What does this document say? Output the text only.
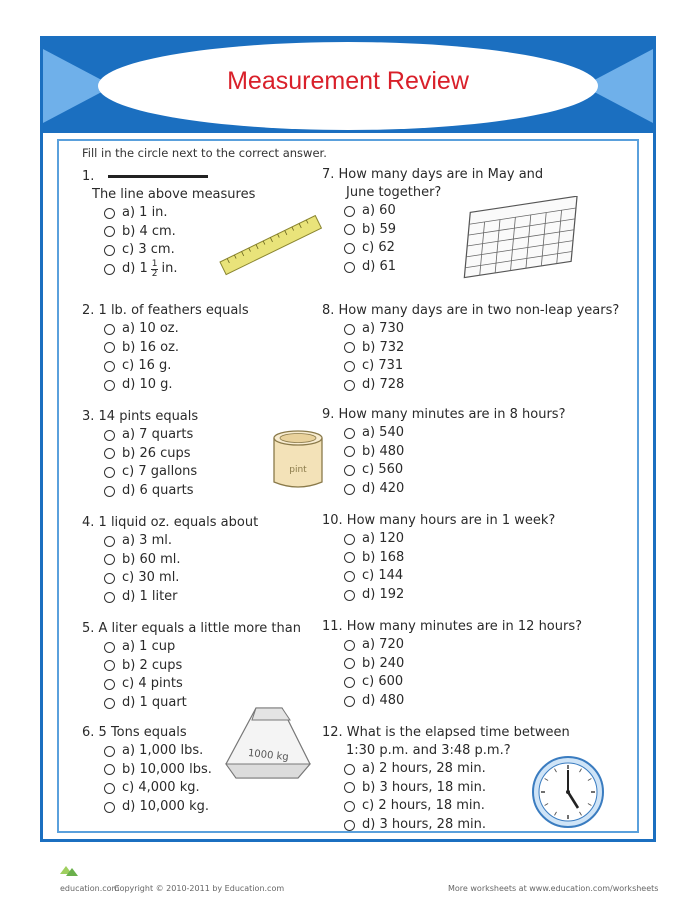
Measurement Review
Fill in the circle next to the correct answer.
1.
The line above measures
a) 1 in.
b) 4 cm.
c) 3 cm.
d) $1 \frac{1}{2}$ in.
2. 1 lb. of feathers equals
a) 10 oz.
b) 16 oz.
c) 16 g.
d) 10 g.
3. 14 pints equals
a) 7 quarts
b) 26 cups
c) 7 gallons
d) 6 quarts
pint
4. 1 liquid oz. equals about
a) 3 ml.
b) 60 ml.
c) 30 ml.
d) 1 liter
5. A liter equals a little more than
a) 1 cup
b) 2 cups
c) 4 pints
d) 1 quart
6. 5 Tons equals
a) 1,000 lbs.
b) 10,000 lbs.
c) 4,000 kg.
d) 10,000 kg.
1000 kg
7. How many days are in May and
June together?
a) 60
b) 59
c) 62
d) 61
8. How many days are in two non-leap years?
a) 730
b) 732
c) 731
d) 728
9. How many minutes are in 8 hours?
a) 540
b) 480
c) 560
d) 420
10. How many hours are in 1 week?
a) 120
b) 168
c) 144
d) 192
11. How many minutes are in 12 hours?
a) 720
b) 240
c) 600
d) 480
12. What is the elapsed time between
1:30 p.m. and 3:48 p.m.?
a) 2 hours, 28 min.
b) 3 hours, 18 min.
c) 2 hours, 18 min.
d) 3 hours, 28 min.
education.com
Copyright © 2010-2011 by Education.com	More worksheets at www.education.com/worksheets
